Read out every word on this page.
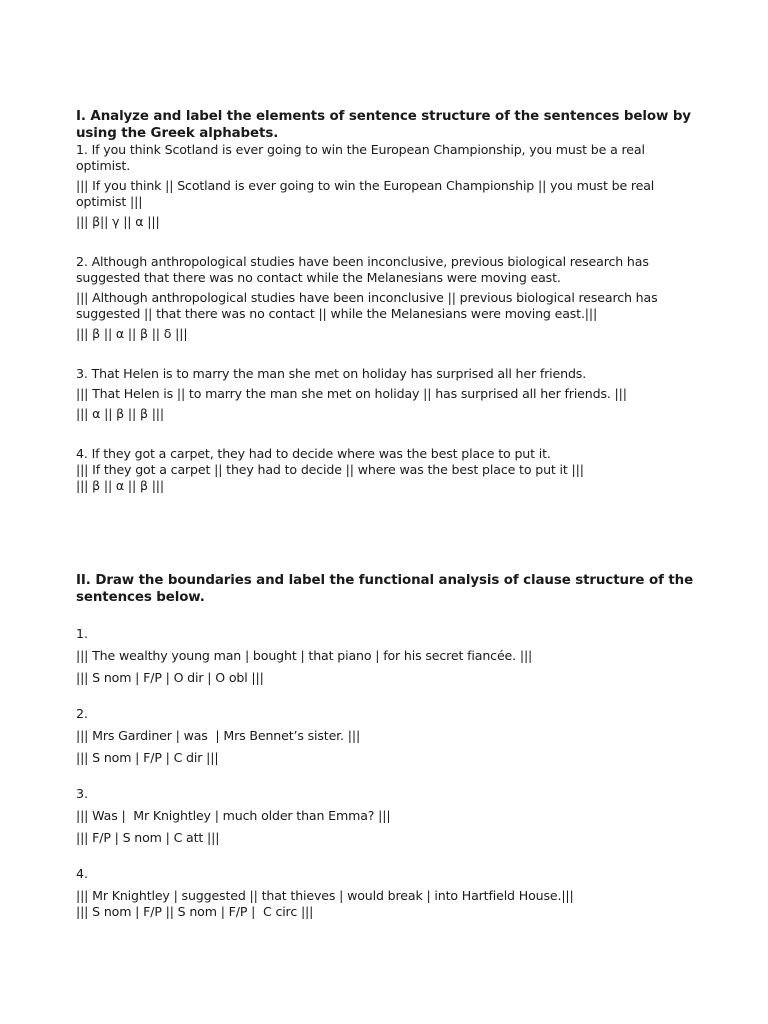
I. Analyze and label the elements of sentence structure of the sentences below by using the Greek alphabets.

1. If you think Scotland is ever going to win the European Championship, you must be a real optimist.

||| If you think || Scotland is ever going to win the European Championship || you must be real optimist |||

||| β|| γ || α |||

2. Although anthropological studies have been inconclusive, previous biological research has suggested that there was no contact while the Melanesians were moving east.

||| Although anthropological studies have been inconclusive || previous biological research has suggested || that there was no contact || while the Melanesians were moving east.|||

||| β || α || β || δ |||

3. That Helen is to marry the man she met on holiday has surprised all her friends.

||| That Helen is || to marry the man she met on holiday || has surprised all her friends. |||

||| α || β || β |||

4. If they got a carpet, they had to decide where was the best place to put it.

||| If they got a carpet || they had to decide || where was the best place to put it |||

||| β || α || β |||

II. Draw the boundaries and label the functional analysis of clause structure of the sentences below.

1.

||| The wealthy young man | bought | that piano | for his secret fiancée. |||

||| S nom | F/P | O dir | O obl |||

2.

||| Mrs Gardiner | was  | Mrs Bennet’s sister. |||

||| S nom | F/P | C dir |||

3.

||| Was |  Mr Knightley | much older than Emma? |||

||| F/P | S nom | C att |||

4.

||| Mr Knightley | suggested || that thieves | would break | into Hartfield House.|||

||| S nom | F/P || S nom | F/P |  C circ |||
